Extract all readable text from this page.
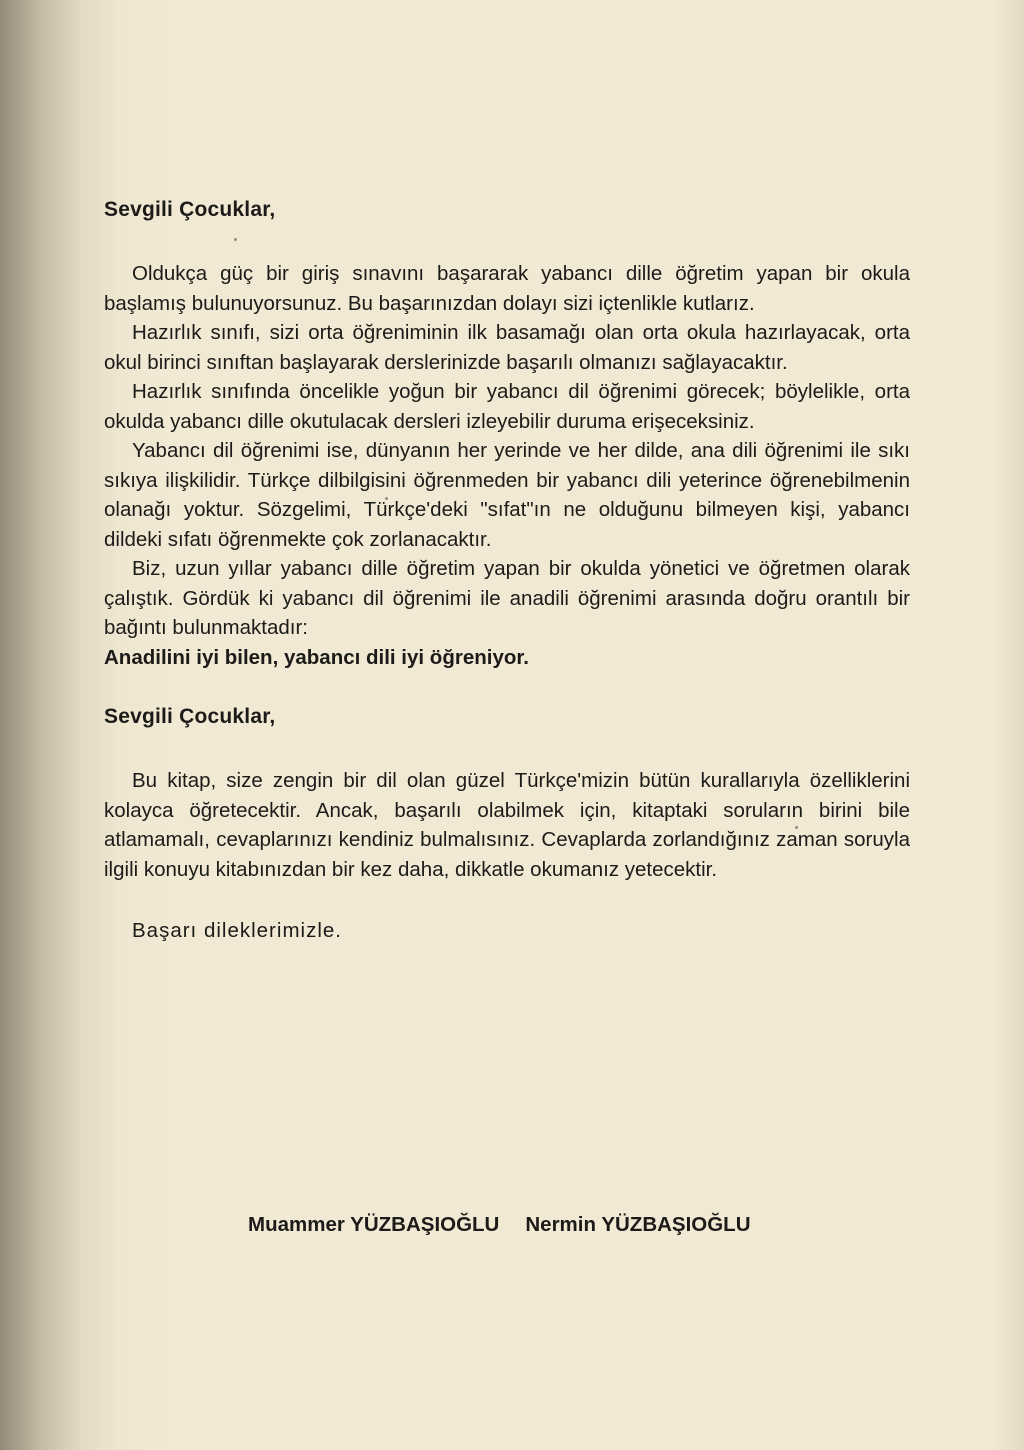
Sevgili Çocuklar,

Oldukça güç bir giriş sınavını başararak yabancı dille öğretim yapan bir okula başlamış bulunuyorsunuz. Bu başarınızdan dolayı sizi içtenlikle kutlarız.

Hazırlık sınıfı, sizi orta öğreniminin ilk basamağı olan orta okula hazırlayacak, orta okul birinci sınıftan başlayarak derslerinizde başarılı olmanızı sağlayacaktır.

Hazırlık sınıfında öncelikle yoğun bir yabancı dil öğrenimi görecek; böylelikle, orta okulda yabancı dille okutulacak dersleri izleyebilir duruma erişeceksiniz.

Yabancı dil öğrenimi ise, dünyanın her yerinde ve her dilde, ana dili öğrenimi ile sıkı sıkıya ilişkilidir. Türkçe dilbilgisini öğrenmeden bir yabancı dili yeterince öğrenebilmenin olanağı yoktur. Sözgelimi, Türkçe'deki "sıfat"ın ne olduğunu bilmeyen kişi, yabancı dildeki sıfatı öğrenmekte çok zorlanacaktır.

Biz, uzun yıllar yabancı dille öğretim yapan bir okulda yönetici ve öğretmen olarak çalıştık. Gördük ki yabancı dil öğrenimi ile anadili öğrenimi arasında doğru orantılı bir bağıntı bulunmaktadır:

Anadilini iyi bilen, yabancı dili iyi öğreniyor.

Sevgili Çocuklar,

Bu kitap, size zengin bir dil olan güzel Türkçe'mizin bütün kurallarıyla özelliklerini kolayca öğretecektir. Ancak, başarılı olabilmek için, kitaptaki soruların birini bile atlamamalı, cevaplarınızı kendiniz bulmalısınız. Cevaplarda zorlandığınız zaman soruyla ilgili konuyu kitabınızdan bir kez daha, dikkatle okumanız yetecektir.

Başarı dileklerimizle.
Muammer YÜZBAŞIOĞLU Nermin YÜZBAŞIOĞLU
